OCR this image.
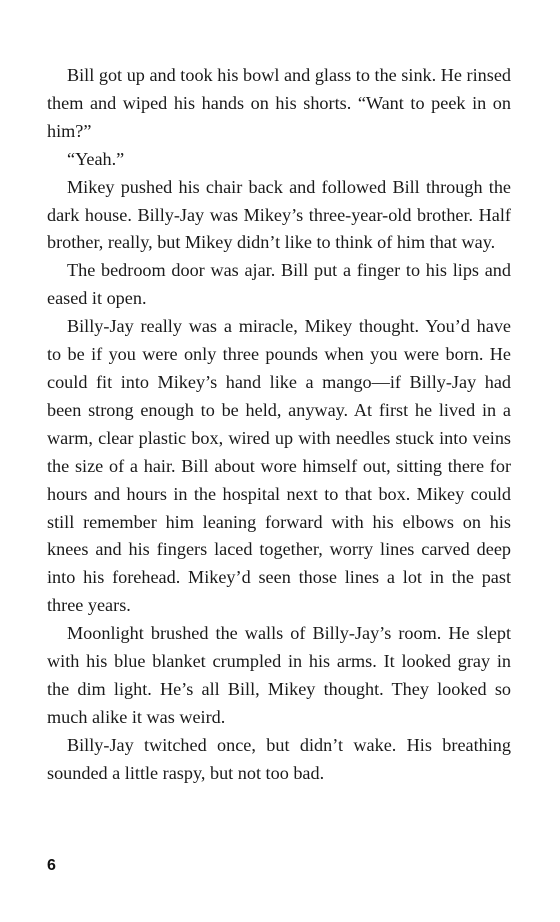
Bill got up and took his bowl and glass to the sink. He rinsed them and wiped his hands on his shorts. “Want to peek in on him?”

“Yeah.”

Mikey pushed his chair back and followed Bill through the dark house. Billy-Jay was Mikey’s three-year-old brother. Half brother, really, but Mikey didn’t like to think of him that way.

The bedroom door was ajar. Bill put a finger to his lips and eased it open.

Billy-Jay really was a miracle, Mikey thought. You’d have to be if you were only three pounds when you were born. He could fit into Mikey’s hand like a mango—if Billy-Jay had been strong enough to be held, anyway. At first he lived in a warm, clear plastic box, wired up with needles stuck into veins the size of a hair. Bill about wore himself out, sitting there for hours and hours in the hospital next to that box. Mikey could still remember him leaning forward with his elbows on his knees and his fingers laced together, worry lines carved deep into his forehead. Mikey’d seen those lines a lot in the past three years.

Moonlight brushed the walls of Billy-Jay’s room. He slept with his blue blanket crumpled in his arms. It looked gray in the dim light. He’s all Bill, Mikey thought. They looked so much alike it was weird.

Billy-Jay twitched once, but didn’t wake. His breathing sounded a little raspy, but not too bad.

6
